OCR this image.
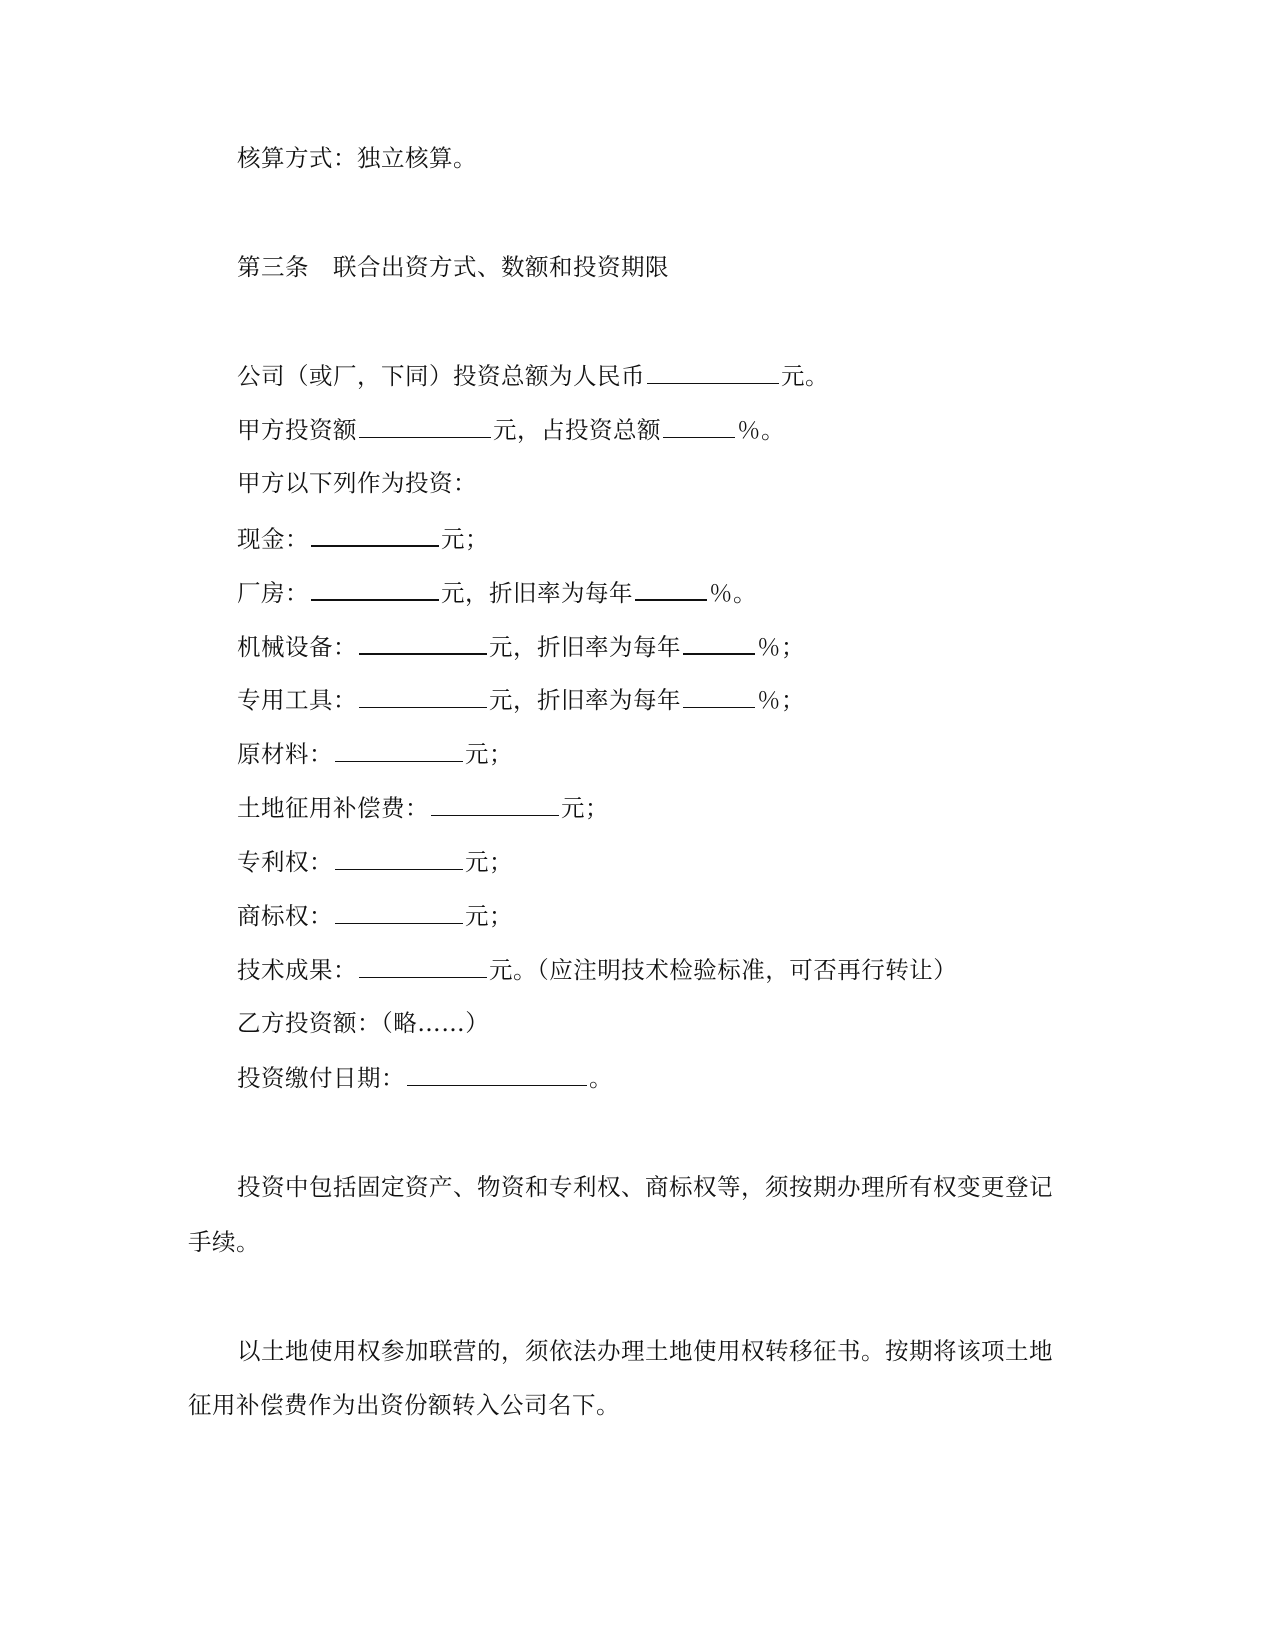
核算方式：独立核算。
第三条　联合出资方式、数额和投资期限
公司（或厂，下同）投资总额为人民币	元。
甲方投资额	元，占投资总额	％。
甲方以下列作为投资：
现金：	元；
厂房：	元，折旧率为每年	％。
机械设备：	元，折旧率为每年	％；
专用工具：	元，折旧率为每年	％；
原材料：	元；
土地征用补偿费：	元；
专利权：	元；
商标权：	元；
技术成果：	元。（应注明技术检验标准，可否再行转让）
乙方投资额：（略……）
投资缴付日期：	。
投资中包括固定资产、物资和专利权、商标权等，须按期办理所有权变更登记
手续。
以土地使用权参加联营的，须依法办理土地使用权转移征书。按期将该项土地
征用补偿费作为出资份额转入公司名下。
